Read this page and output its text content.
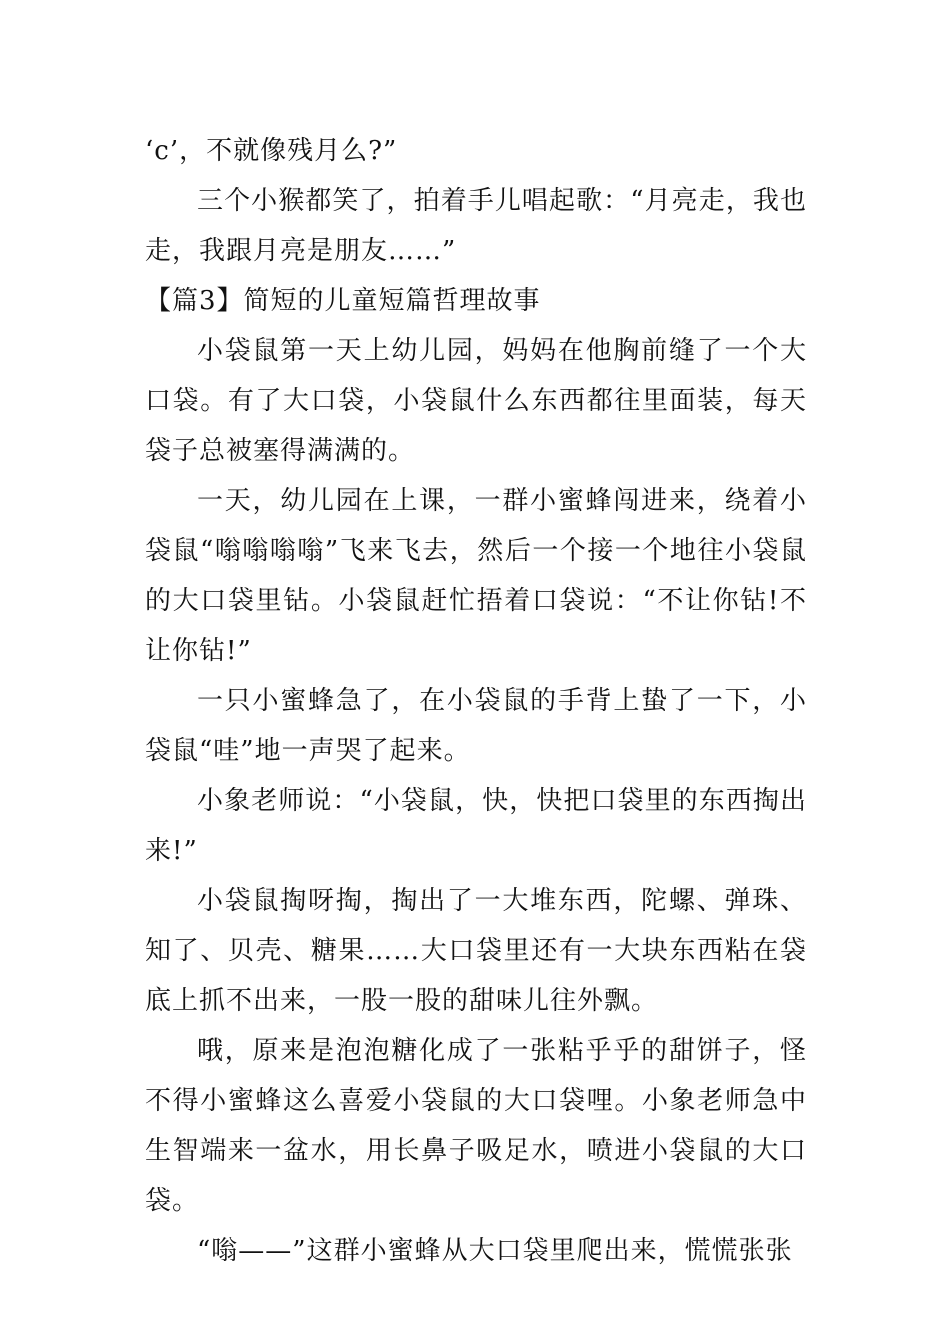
‘c’，不就像残月么?”

三个小猴都笑了，拍着手儿唱起歌：“月亮走，我也走，我跟月亮是朋友……”

【篇3】简短的儿童短篇哲理故事

小袋鼠第一天上幼儿园，妈妈在他胸前缝了一个大口袋。有了大口袋，小袋鼠什么东西都往里面装，每天袋子总被塞得满满的。

一天，幼儿园在上课，一群小蜜蜂闯进来，绕着小袋鼠“嗡嗡嗡嗡”飞来飞去，然后一个接一个地往小袋鼠的大口袋里钻。小袋鼠赶忙捂着口袋说：“不让你钻!不让你钻!”

一只小蜜蜂急了，在小袋鼠的手背上蛰了一下，小袋鼠“哇”地一声哭了起来。

小象老师说：“小袋鼠，快，快把口袋里的东西掏出来!”

小袋鼠掏呀掏，掏出了一大堆东西，陀螺、弹珠、知了、贝壳、糖果……大口袋里还有一大块东西粘在袋底上抓不出来，一股一股的甜味儿往外飘。

哦，原来是泡泡糖化成了一张粘乎乎的甜饼子，怪不得小蜜蜂这么喜爱小袋鼠的大口袋哩。小象老师急中生智端来一盆水，用长鼻子吸足水，喷进小袋鼠的大口袋。

“嗡——”这群小蜜蜂从大口袋里爬出来，慌慌张张
